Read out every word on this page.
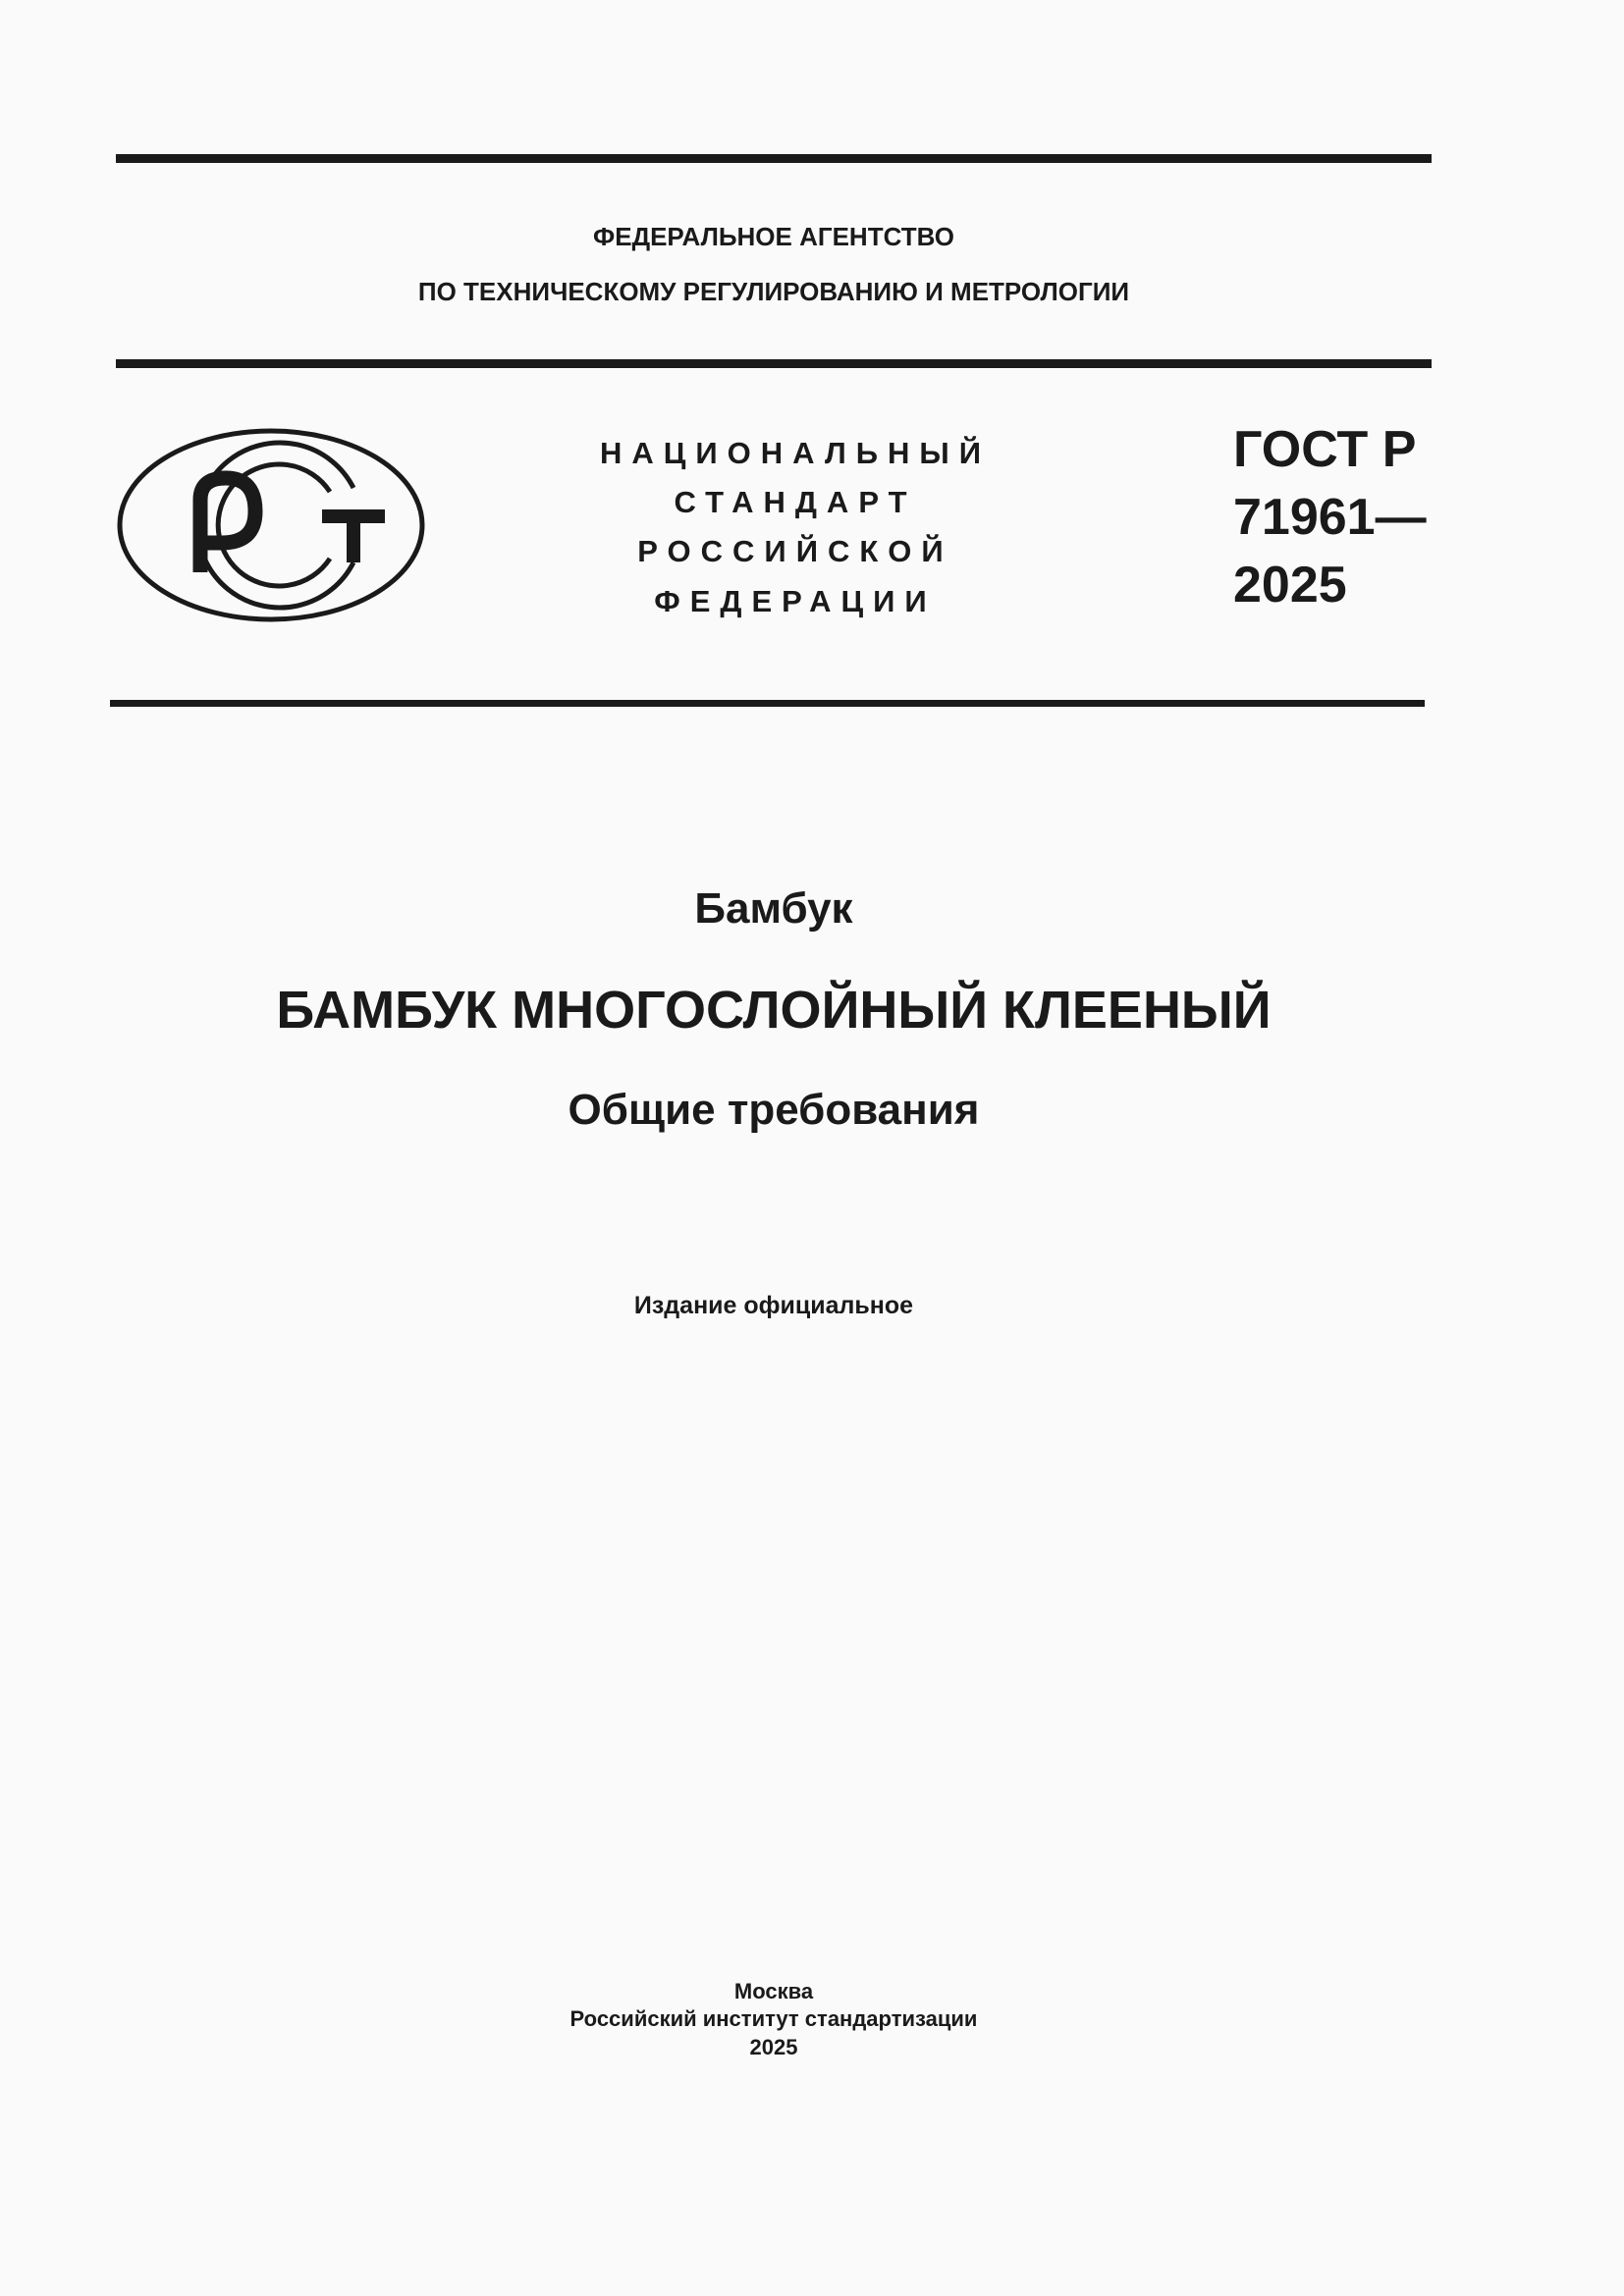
ФЕДЕРАЛЬНОЕ АГЕНТСТВО
ПО ТЕХНИЧЕСКОМУ РЕГУЛИРОВАНИЮ И МЕТРОЛОГИИ
НАЦИОНАЛЬНЫЙ
СТАНДАРТ
РОССИЙСКОЙ
ФЕДЕРАЦИИ
ГОСТ Р
71961—
2025
Бамбук
БАМБУК МНОГОСЛОЙНЫЙ КЛЕЕНЫЙ
Общие требования
Издание официальное
Москва
Российский институт стандартизации
2025
